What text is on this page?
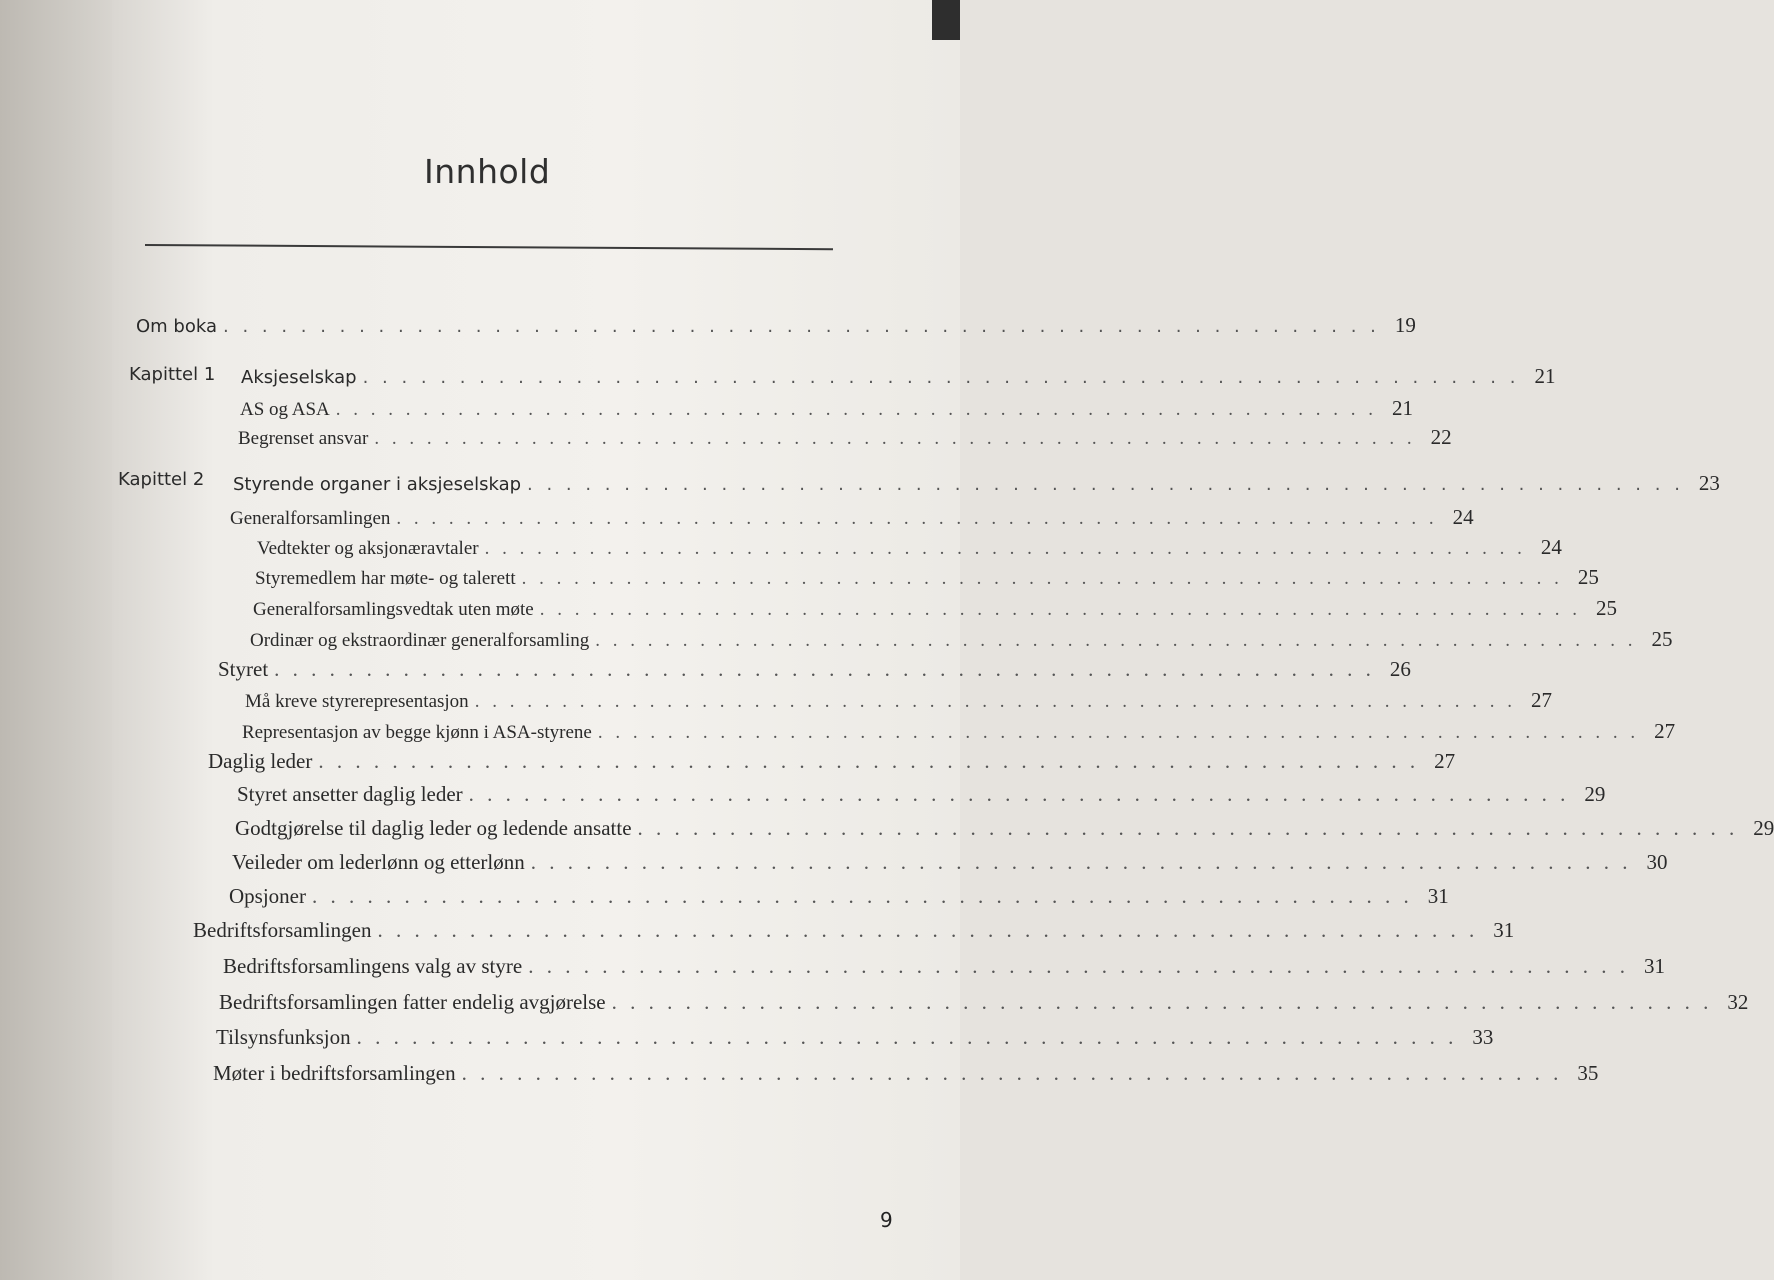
Innhold
Kapittel 1
Kapittel 2
Om boka . . . . . . . . . . . . . . . . . . . . . . . . . . . . . . . . . . . . . . . . . . . . . . . . . . . . . . . . . . . . 19
Aksjeselskap . . . . . . . . . . . . . . . . . . . . . . . . . . . . . . . . . . . . . . . . . . . . . . . . . . . . . . . . . . . . 21
AS og ASA . . . . . . . . . . . . . . . . . . . . . . . . . . . . . . . . . . . . . . . . . . . . . . . . . . . . . . . . . . . . 21
Begrenset ansvar . . . . . . . . . . . . . . . . . . . . . . . . . . . . . . . . . . . . . . . . . . . . . . . . . . . . . . . . . . . . 22
Styrende organer i aksjeselskap . . . . . . . . . . . . . . . . . . . . . . . . . . . . . . . . . . . . . . . . . . . . . . . . . . . . . . . . . . . . 23
Generalforsamlingen . . . . . . . . . . . . . . . . . . . . . . . . . . . . . . . . . . . . . . . . . . . . . . . . . . . . . . . . . . . . 24
Vedtekter og aksjonæravtaler . . . . . . . . . . . . . . . . . . . . . . . . . . . . . . . . . . . . . . . . . . . . . . . . . . . . . . . . . . . . 24
Styremedlem har møte- og talerett . . . . . . . . . . . . . . . . . . . . . . . . . . . . . . . . . . . . . . . . . . . . . . . . . . . . . . . . . . . . 25
Generalforsamlingsvedtak uten møte . . . . . . . . . . . . . . . . . . . . . . . . . . . . . . . . . . . . . . . . . . . . . . . . . . . . . . . . . . . . 25
Ordinær og ekstraordinær generalforsamling . . . . . . . . . . . . . . . . . . . . . . . . . . . . . . . . . . . . . . . . . . . . . . . . . . . . . . . . . . . . 25
Styret . . . . . . . . . . . . . . . . . . . . . . . . . . . . . . . . . . . . . . . . . . . . . . . . . . . . . . . . . . . . 26
Må kreve styrerepresentasjon . . . . . . . . . . . . . . . . . . . . . . . . . . . . . . . . . . . . . . . . . . . . . . . . . . . . . . . . . . . . 27
Representasjon av begge kjønn i ASA-styrene . . . . . . . . . . . . . . . . . . . . . . . . . . . . . . . . . . . . . . . . . . . . . . . . . . . . . . . . . . . . 27
Daglig leder . . . . . . . . . . . . . . . . . . . . . . . . . . . . . . . . . . . . . . . . . . . . . . . . . . . . . . . . . . . . 27
Styret ansetter daglig leder . . . . . . . . . . . . . . . . . . . . . . . . . . . . . . . . . . . . . . . . . . . . . . . . . . . . . . . . . . . . 29
Godtgjørelse til daglig leder og ledende ansatte . . . . . . . . . . . . . . . . . . . . . . . . . . . . . . . . . . . . . . . . . . . . . . . . . . . . . . . . . . . . 29
Veileder om lederlønn og etterlønn . . . . . . . . . . . . . . . . . . . . . . . . . . . . . . . . . . . . . . . . . . . . . . . . . . . . . . . . . . . . 30
Opsjoner . . . . . . . . . . . . . . . . . . . . . . . . . . . . . . . . . . . . . . . . . . . . . . . . . . . . . . . . . . . . 31
Bedriftsforsamlingen . . . . . . . . . . . . . . . . . . . . . . . . . . . . . . . . . . . . . . . . . . . . . . . . . . . . . . . . . . . . 31
Bedriftsforsamlingens valg av styre . . . . . . . . . . . . . . . . . . . . . . . . . . . . . . . . . . . . . . . . . . . . . . . . . . . . . . . . . . . . 31
Bedriftsforsamlingen fatter endelig avgjørelse . . . . . . . . . . . . . . . . . . . . . . . . . . . . . . . . . . . . . . . . . . . . . . . . . . . . . . . . . . . . 32
Tilsynsfunksjon . . . . . . . . . . . . . . . . . . . . . . . . . . . . . . . . . . . . . . . . . . . . . . . . . . . . . . . . . . . . 33
Møter i bedriftsforsamlingen . . . . . . . . . . . . . . . . . . . . . . . . . . . . . . . . . . . . . . . . . . . . . . . . . . . . . . . . . . . . 35
9
